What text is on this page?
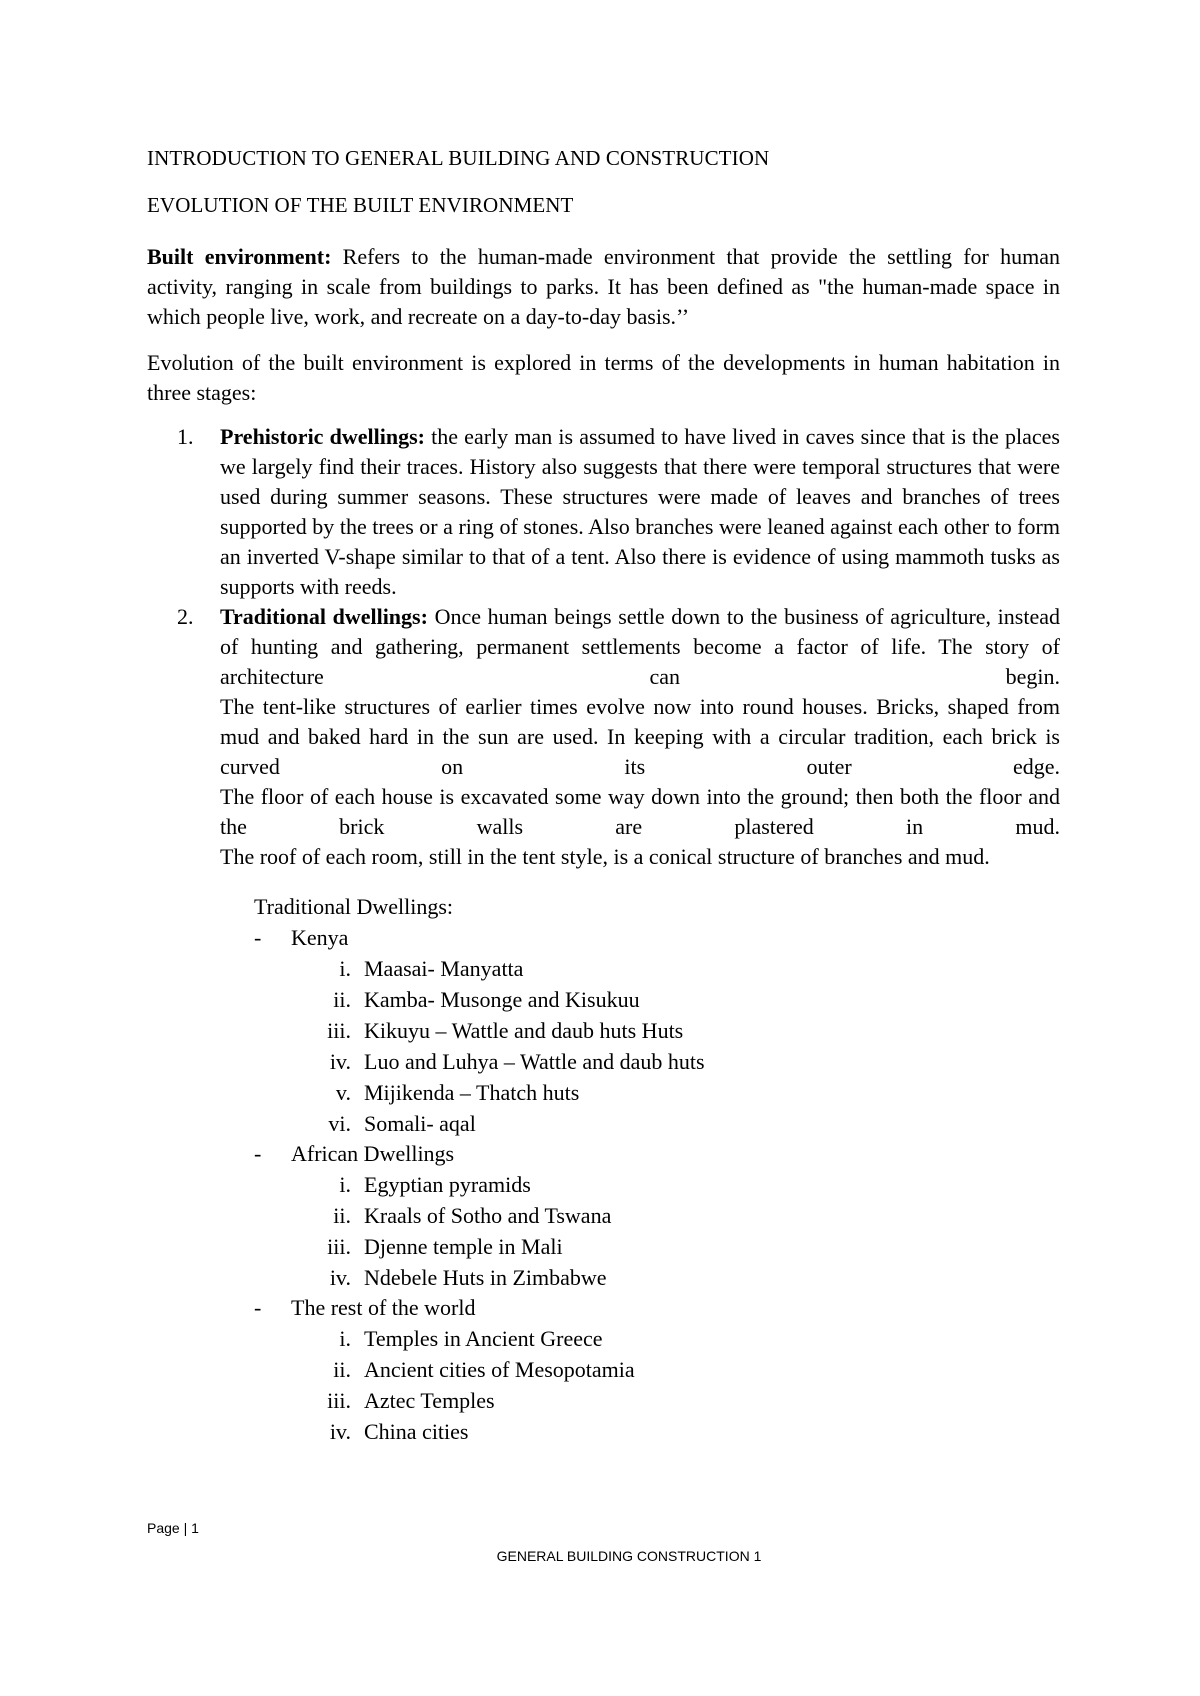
INTRODUCTION TO GENERAL BUILDING AND CONSTRUCTION
EVOLUTION OF THE BUILT ENVIRONMENT

Built environment: Refers to the human-made environment that provide the settling for human activity, ranging in scale from buildings to parks. It has been defined as "the human-made space in which people live, work, and recreate on a day-to-day basis.’’

Evolution of the built environment is explored in terms of the developments in human habitation in three stages:

1. Prehistoric dwellings: the early man is assumed to have lived in caves since that is the places we largely find their traces. History also suggests that there were temporal structures that were used during summer seasons. These structures were made of leaves and branches of trees supported by the trees or a ring of stones. Also branches were leaned against each other to form an inverted V-shape similar to that of a tent. Also there is evidence of using mammoth tusks as supports with reeds.
2. Traditional dwellings: Once human beings settle down to the business of agriculture, instead of hunting and gathering, permanent settlements become a factor of life. The story of architecture can begin.
The tent-like structures of earlier times evolve now into round houses. Bricks, shaped from mud and baked hard in the sun are used. In keeping with a circular tradition, each brick is curved on its outer edge.
The floor of each house is excavated some way down into the ground; then both the floor and the brick walls are plastered in mud.
The roof of each room, still in the tent style, is a conical structure of branches and mud.
Traditional Dwellings:
- Kenya
i. Maasai- Manyatta
ii. Kamba- Musonge and Kisukuu
iii. Kikuyu – Wattle and daub huts Huts
iv. Luo and Luhya – Wattle and daub huts
v. Mijikenda – Thatch huts
vi. Somali- aqal
- African Dwellings
i. Egyptian pyramids
ii. Kraals of Sotho and Tswana
iii. Djenne temple in Mali
iv. Ndebele Huts in Zimbabwe
- The rest of the world
i. Temples in Ancient Greece
ii. Ancient cities of Mesopotamia
iii. Aztec Temples
iv. China cities
Page | 1
GENERAL BUILDING CONSTRUCTION 1
